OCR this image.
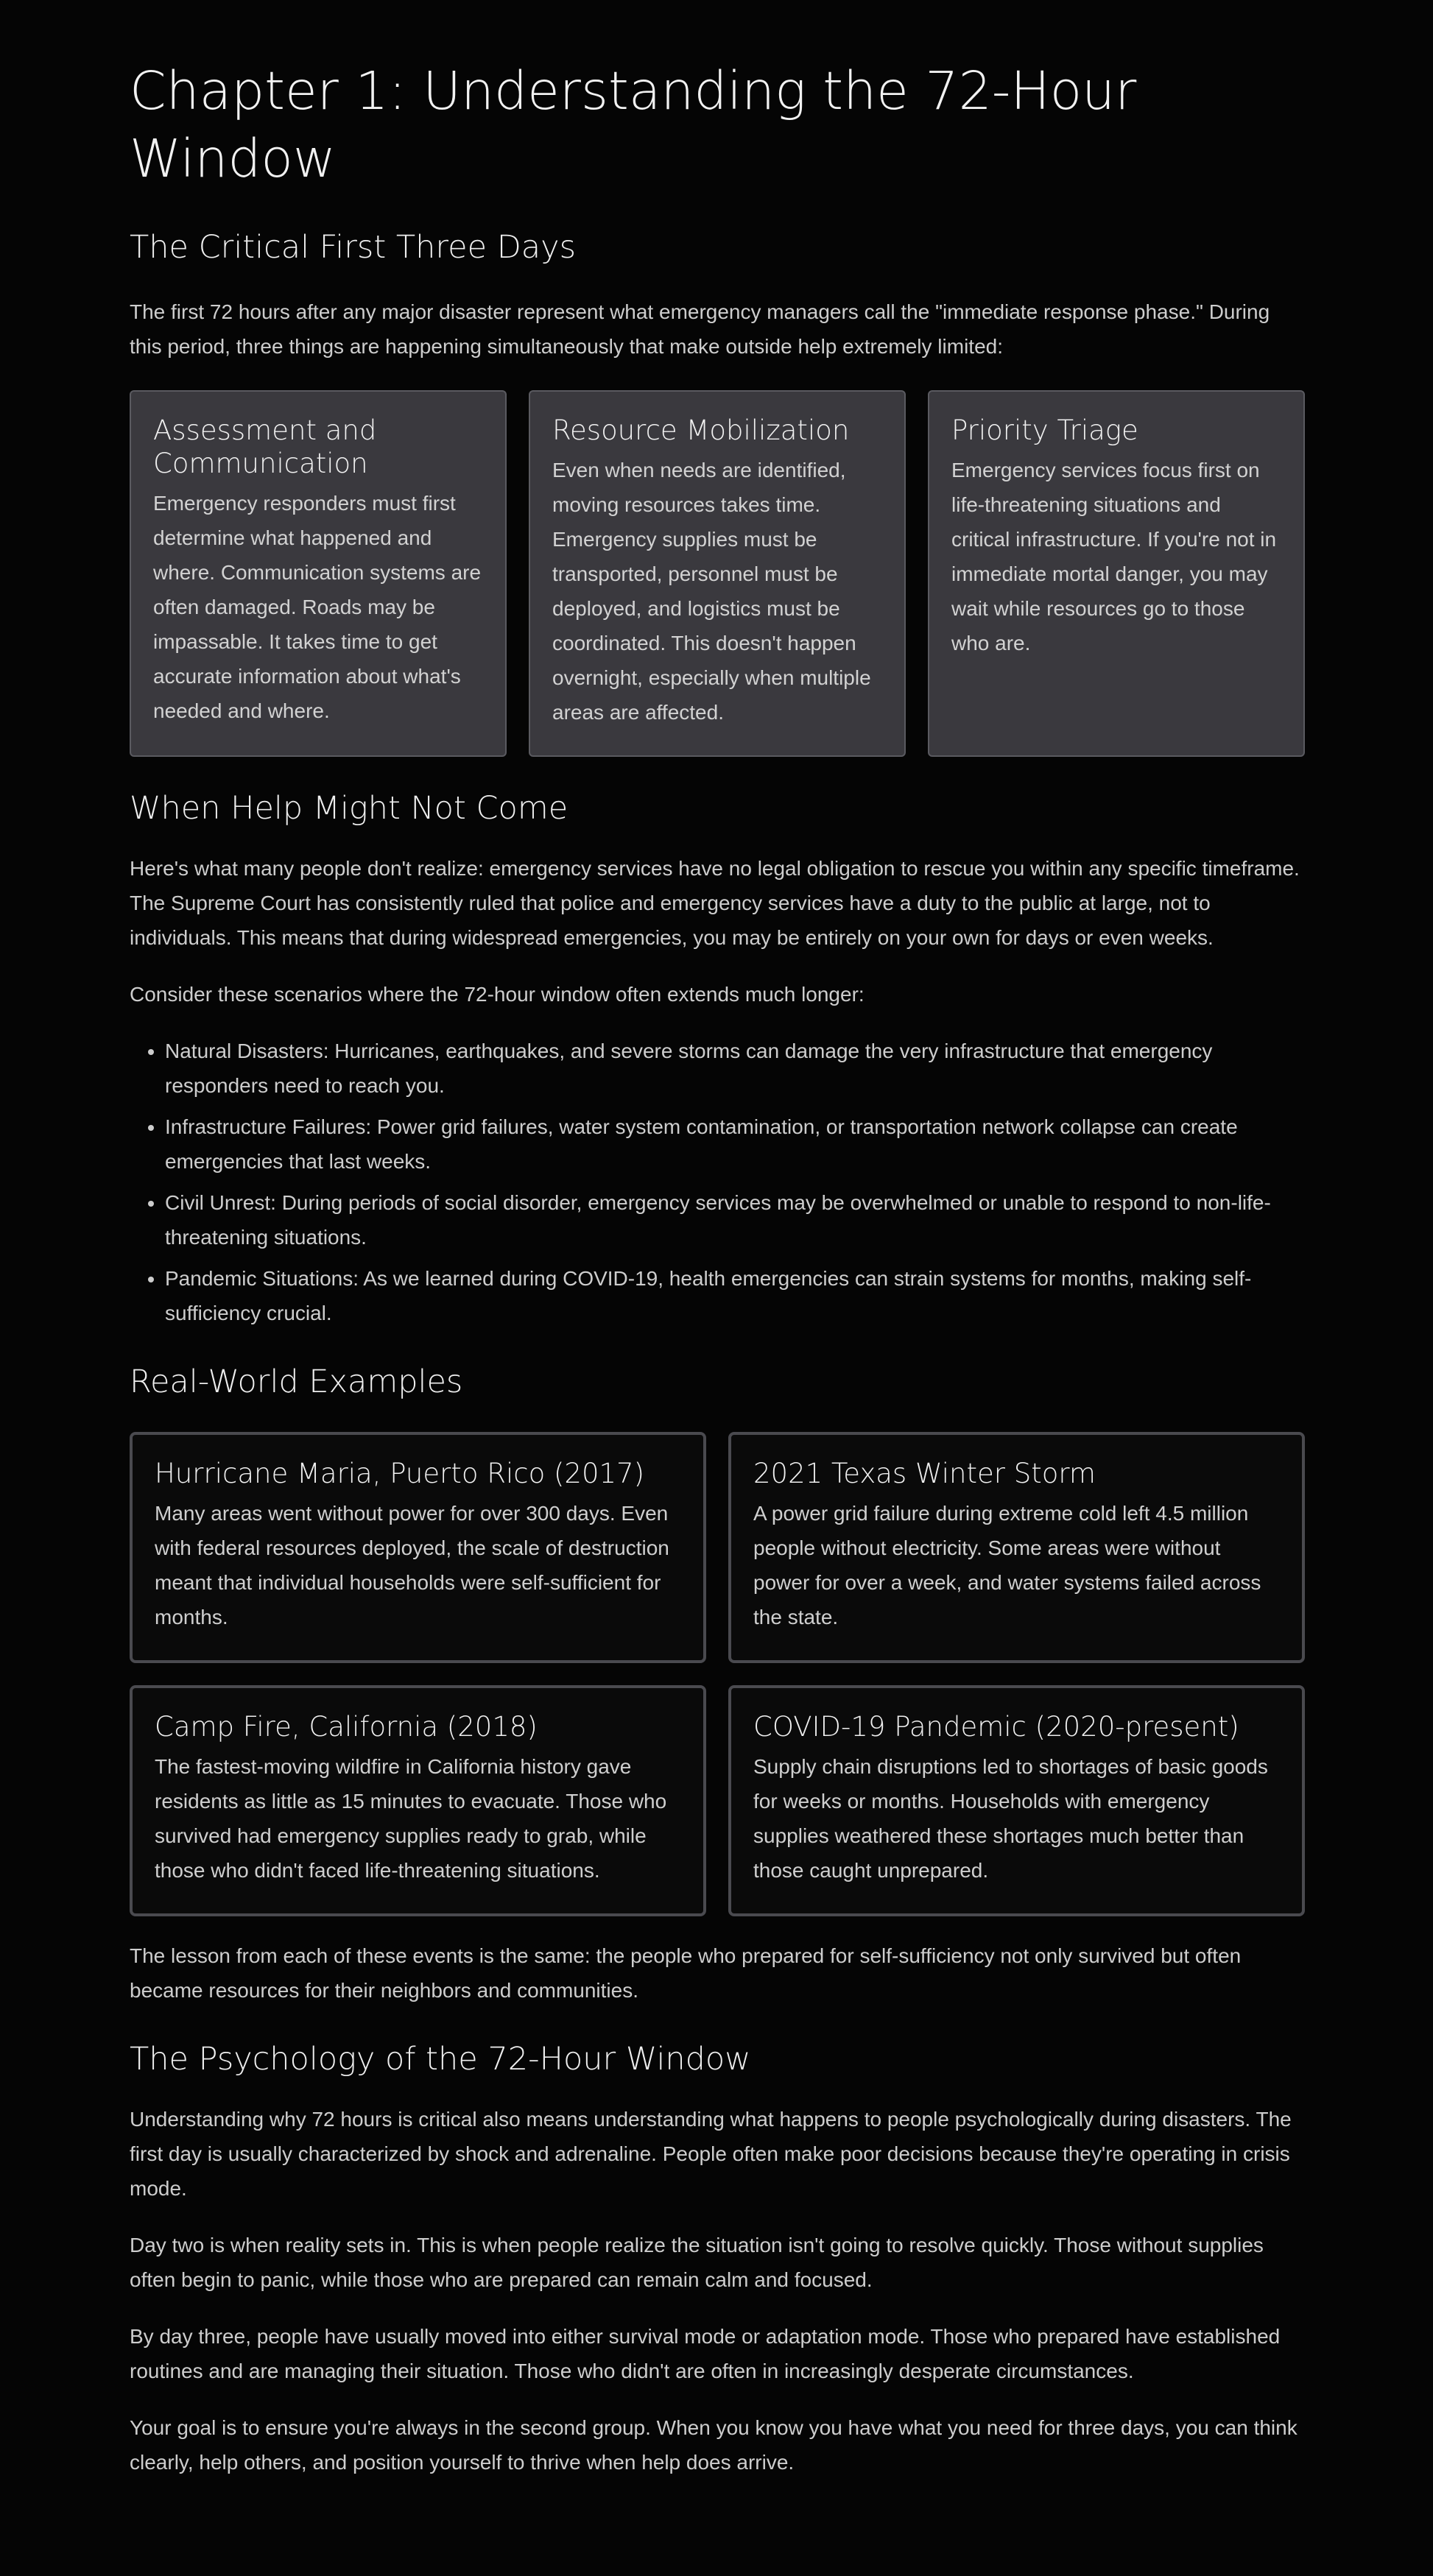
Chapter 1: Understanding the 72-Hour Window
The Critical First Three Days

The first 72 hours after any major disaster represent what emergency managers call the "immediate response phase." During this period, three things are happening simultaneously that make outside help extremely limited:

Assessment and Communication

Emergency responders must first determine what happened and where. Communication systems are often damaged. Roads may be impassable. It takes time to get accurate information about what's needed and where.

Resource Mobilization

Even when needs are identified, moving resources takes time. Emergency supplies must be transported, personnel must be deployed, and logistics must be coordinated. This doesn't happen overnight, especially when multiple areas are affected.

Priority Triage

Emergency services focus first on life-threatening situations and critical infrastructure. If you're not in immediate mortal danger, you may wait while resources go to those who are.

When Help Might Not Come

Here's what many people don't realize: emergency services have no legal obligation to rescue you within any specific timeframe. The Supreme Court has consistently ruled that police and emergency services have a duty to the public at large, not to individuals. This means that during widespread emergencies, you may be entirely on your own for days or even weeks.

Consider these scenarios where the 72-hour window often extends much longer:

• Natural Disasters: Hurricanes, earthquakes, and severe storms can damage the very infrastructure that emergency responders need to reach you.
• Infrastructure Failures: Power grid failures, water system contamination, or transportation network collapse can create emergencies that last weeks.
• Civil Unrest: During periods of social disorder, emergency services may be overwhelmed or unable to respond to non-life-threatening situations.
• Pandemic Situations: As we learned during COVID-19, health emergencies can strain systems for months, making self-sufficiency crucial.
Real-World Examples
Hurricane Maria, Puerto Rico (2017)

Many areas went without power for over 300 days. Even with federal resources deployed, the scale of destruction meant that individual households were self-sufficient for months.

2021 Texas Winter Storm

A power grid failure during extreme cold left 4.5 million people without electricity. Some areas were without power for over a week, and water systems failed across the state.

Camp Fire, California (2018)

The fastest-moving wildfire in California history gave residents as little as 15 minutes to evacuate. Those who survived had emergency supplies ready to grab, while those who didn't faced life-threatening situations.

COVID-19 Pandemic (2020-present)

Supply chain disruptions led to shortages of basic goods for weeks or months. Households with emergency supplies weathered these shortages much better than those caught unprepared.

The lesson from each of these events is the same: the people who prepared for self-sufficiency not only survived but often became resources for their neighbors and communities.

The Psychology of the 72-Hour Window

Understanding why 72 hours is critical also means understanding what happens to people psychologically during disasters. The first day is usually characterized by shock and adrenaline. People often make poor decisions because they're operating in crisis mode.

Day two is when reality sets in. This is when people realize the situation isn't going to resolve quickly. Those without supplies often begin to panic, while those who are prepared can remain calm and focused.

By day three, people have usually moved into either survival mode or adaptation mode. Those who prepared have established routines and are managing their situation. Those who didn't are often in increasingly desperate circumstances.

Your goal is to ensure you're always in the second group. When you know you have what you need for three days, you can think clearly, help others, and position yourself to thrive when help does arrive.
